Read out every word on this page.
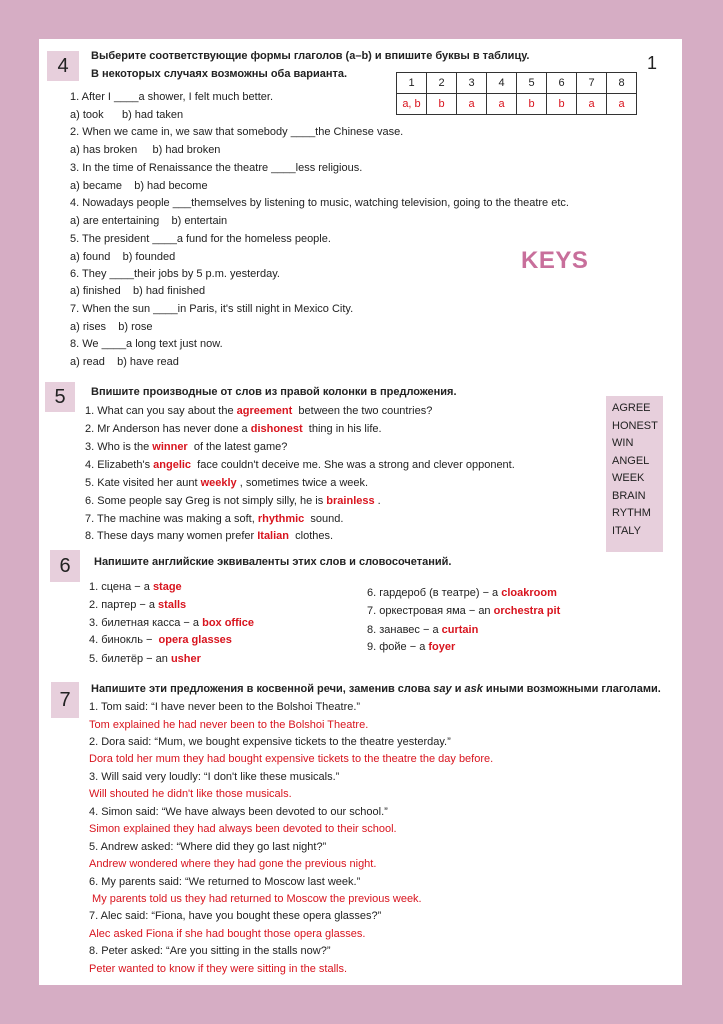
4	1
Выберите соответствующие формы глаголов (a–b) и впишите буквы в таблицу.
В некоторых случаях возможны оба варианта.
1	2	3	4	5	6	7	8
a, b	b	a	a	b	b	a	a
1. After I ____a shower, I felt much better.
a) took      b) had taken
2. When we came in, we saw that somebody ____the Chinese vase.
a) has broken     b) had broken
3. In the time of Renaissance the theatre ____less religious.
a) became    b) had become
4. Nowadays people ___themselves by listening to music, watching television, going to the theatre etc.
a) are entertaining    b) entertain
5. The president ____a fund for the homeless people.
a) found    b) founded
6. They ____their jobs by 5 p.m. yesterday.
a) finished    b) had finished
7. When the sun ____in Paris, it's still night in Mexico City.
a) rises    b) rose
8. We ____a long text just now.
a) read    b) have read
KEYS
5	Впишите производные от слов из правой колонки в предложения.
1. What can you say about the agreement  between the two countries?
2. Mr Anderson has never done a dishonest  thing in his life.
3. Who is the winner  of the latest game?
4. Elizabeth's angelic  face couldn't deceive me. She was a strong and clever opponent.
5. Kate visited her aunt weekly , sometimes twice a week.
6. Some people say Greg is not simply silly, he is brainless .
7. The machine was making a soft, rhythmic  sound.
8. These days many women prefer Italian  clothes.
AGREE
HONEST
WIN
ANGEL
WEEK
BRAIN
RYTHM
ITALY
6	Напишите английские эквиваленты этих слов и словосочетаний.
1. сцена − a stage
2. партер − a stalls
3. билетная касса − a box office
4. бинокль −  opera glasses
5. билетёр − an usher
6. гардероб (в театре) − a cloakroom
7. оркестровая яма − an orchestra pit
8. занавес − a curtain
9. фойе − a foyer
7	Напишите эти предложения в косвенной речи, заменив слова say и ask иными возможными глаголами.
1. Tom said: “I have never been to the Bolshoi Theatre.”
Tom explained he had never been to the Bolshoi Theatre.
2. Dora said: “Mum, we bought expensive tickets to the theatre yesterday.”
Dora told her mum they had bought expensive tickets to the theatre the day before.
3. Will said very loudly: “I don't like these musicals.”
Will shouted he didn't like those musicals.
4. Simon said: “We have always been devoted to our school.”
Simon explained they had always been devoted to their school.
5. Andrew asked: “Where did they go last night?”
Andrew wondered where they had gone the previous night.
6. My parents said: “We returned to Moscow last week.”
My parents told us they had returned to Moscow the previous week.
7. Alec said: “Fiona, have you bought these opera glasses?”
Alec asked Fiona if she had bought those opera glasses.
8. Peter asked: “Are you sitting in the stalls now?”
Peter wanted to know if they were sitting in the stalls.
